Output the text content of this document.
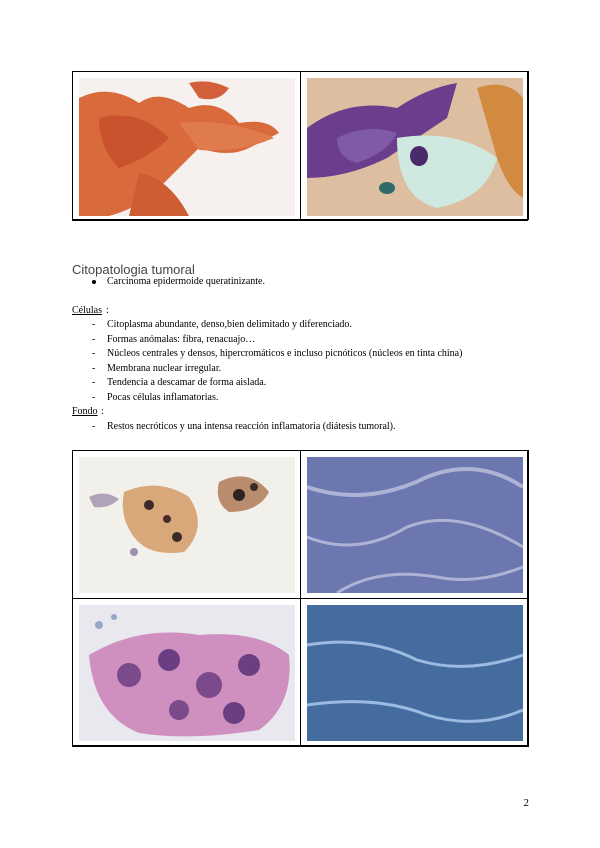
Citopatologia tumoral
Carcinoma epidermoide queratinizante.
Células :
- Citoplasma abundante, denso,bien delimitado y diferenciado.
- Formas anómalas: fibra, renacuajo…
- Núcleos centrales y densos, hipercromáticos e incluso picnóticos (núcleos en tinta china)
- Membrana nuclear irregular.
- Tendencia a descamar de forma aislada.
- Pocas células inflamatorias.
Fondo :
- Restos necróticos y una intensa reacción inflamatoria (diátesis tumoral).
2
